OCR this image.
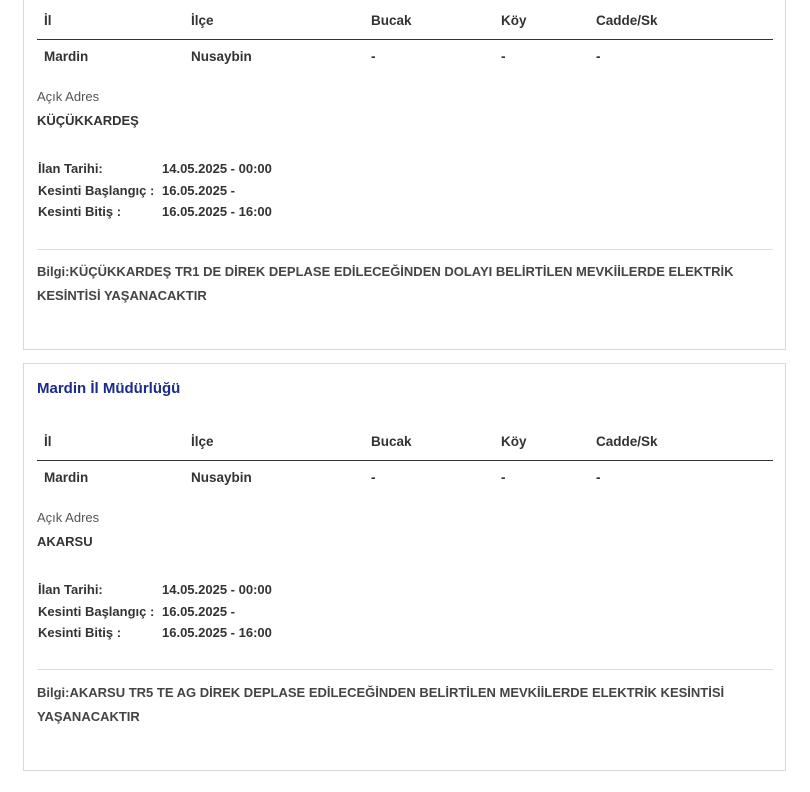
İl	İlçe	Bucak	Köy	Cadde/Sk
Mardin	Nusaybin	-	-	-
Açık Adres
KÜÇÜKKARDEŞ
İlan Tarihi:	14.05.2025 - 00:00
Kesinti Başlangıç : 16.05.2025 -
Kesinti Bitiş :	16.05.2025 - 16:00

Bilgi:KÜÇÜKKARDEŞ TR1 DE DİREK DEPLASE EDİLECEĞİNDEN DOLAYI BELİRTİLEN MEVKİİLERDE ELEKTRİK KESİNTİSİ YAŞANACAKTIR

Mardin İl Müdürlüğü
İl	İlçe	Bucak	Köy	Cadde/Sk
Mardin	Nusaybin	-	-	-
Açık Adres
AKARSU
İlan Tarihi:	14.05.2025 - 00:00
Kesinti Başlangıç : 16.05.2025 -
Kesinti Bitiş :	16.05.2025 - 16:00

Bilgi:AKARSU TR5 TE AG DİREK DEPLASE EDİLECEĞİNDEN BELİRTİLEN MEVKİİLERDE ELEKTRİK KESİNTİSİ YAŞANACAKTIR
